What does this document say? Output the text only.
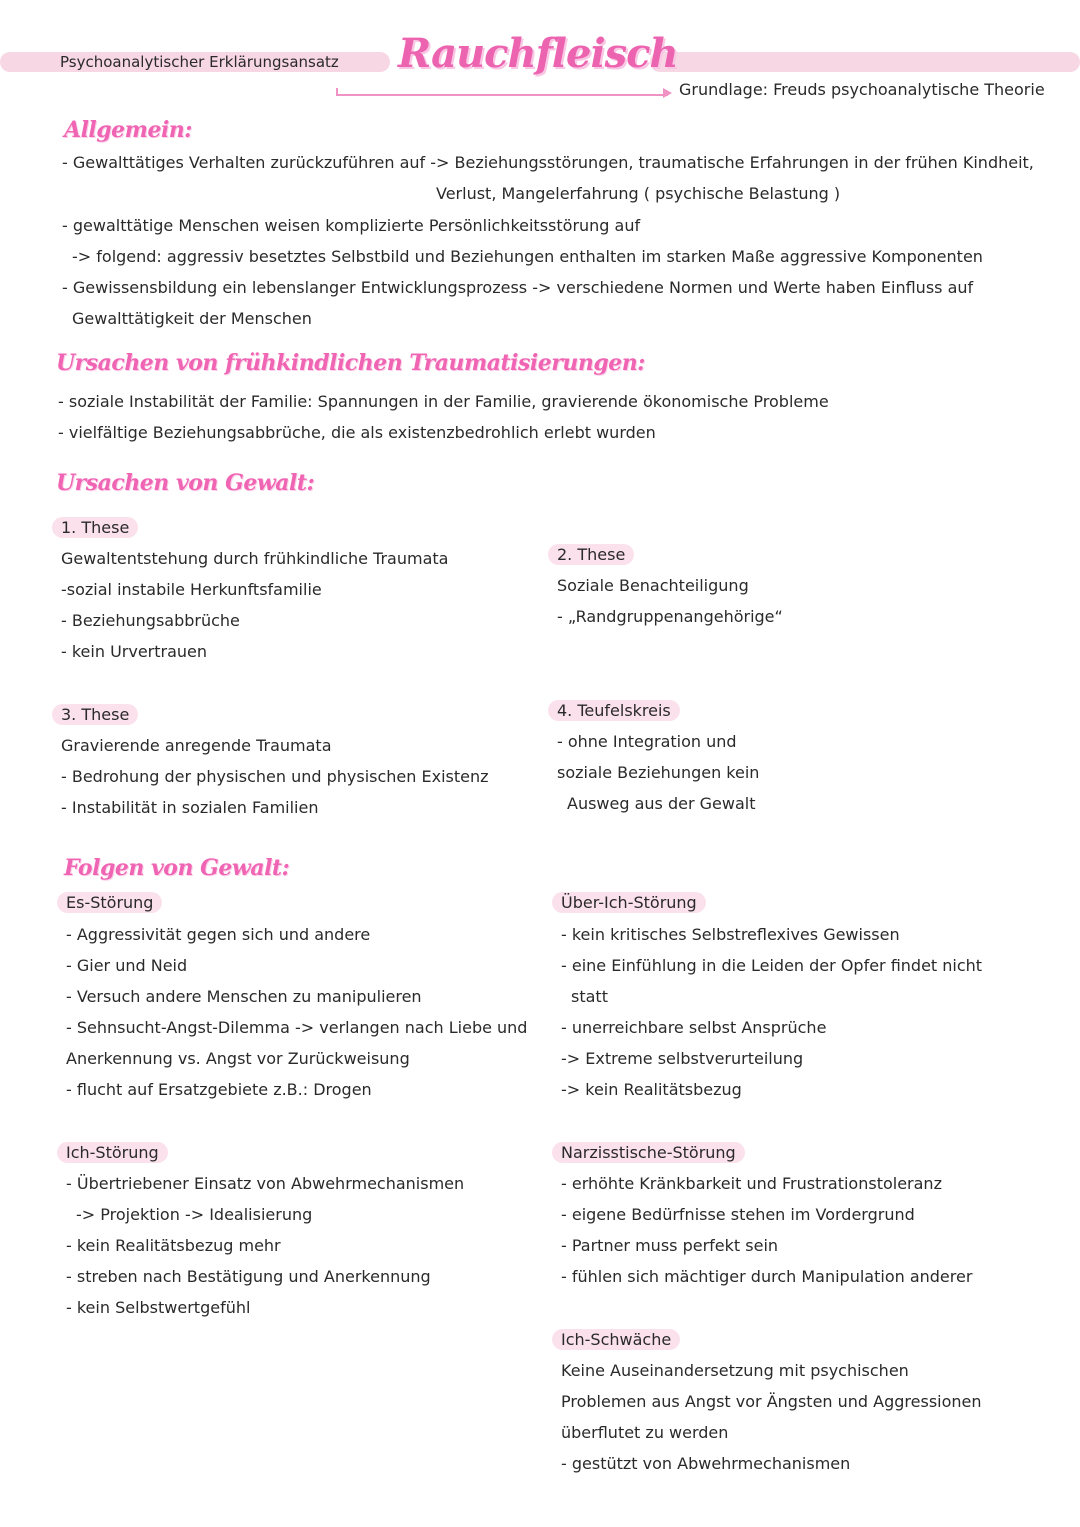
Psychoanalytischer Erklärungsansatz Rauchfleisch
Grundlage: Freuds psychoanalytische Theorie
Allgemein:
- Gewalttätiges Verhalten zurückzuführen auf -> Beziehungsstörungen, traumatische Erfahrungen in der frühen Kindheit,
Verlust, Mangelerfahrung ( psychische Belastung )
- gewalttätige Menschen weisen komplizierte Persönlichkeitsstörung auf
-> folgend: aggressiv besetztes Selbstbild und Beziehungen enthalten im starken Maße aggressive Komponenten
- Gewissensbildung ein lebenslanger Entwicklungsprozess -> verschiedene Normen und Werte haben Einfluss auf
Gewalttätigkeit der Menschen
Ursachen von frühkindlichen Traumatisierungen:
- soziale Instabilität der Familie: Spannungen in der Familie, gravierende ökonomische Probleme
- vielfältige Beziehungsabbrüche, die als existenzbedrohlich erlebt wurden
Ursachen von Gewalt:
1. These
Gewaltentstehung durch frühkindliche Traumata
-sozial instabile Herkunftsfamilie
- Beziehungsabbrüche
- kein Urvertrauen
2. These
Soziale Benachteiligung
- „Randgruppenangehörige“
3. These
Gravierende anregende Traumata
- Bedrohung der physischen und physischen Existenz
- Instabilität in sozialen Familien
4. Teufelskreis
- ohne Integration und
soziale Beziehungen kein
Ausweg aus der Gewalt
Folgen von Gewalt:
Es-Störung
- Aggressivität gegen sich und andere
- Gier und Neid
- Versuch andere Menschen zu manipulieren
- Sehnsucht-Angst-Dilemma -> verlangen nach Liebe und
Anerkennung vs. Angst vor Zurückweisung
- flucht auf Ersatzgebiete z.B.: Drogen
Über-Ich-Störung
- kein kritisches Selbstreflexives Gewissen
- eine Einfühlung in die Leiden der Opfer findet nicht
statt
- unerreichbare selbst Ansprüche
-> Extreme selbstverurteilung
-> kein Realitätsbezug
Ich-Störung
- Übertriebener Einsatz von Abwehrmechanismen
-> Projektion -> Idealisierung
- kein Realitätsbezug mehr
- streben nach Bestätigung und Anerkennung
- kein Selbstwertgefühl
Narzisstische-Störung
- erhöhte Kränkbarkeit und Frustrationstoleranz
- eigene Bedürfnisse stehen im Vordergrund
- Partner muss perfekt sein
- fühlen sich mächtiger durch Manipulation anderer
Ich-Schwäche
Keine Auseinandersetzung mit psychischen
Problemen aus Angst vor Ängsten und Aggressionen
überflutet zu werden
- gestützt von Abwehrmechanismen
